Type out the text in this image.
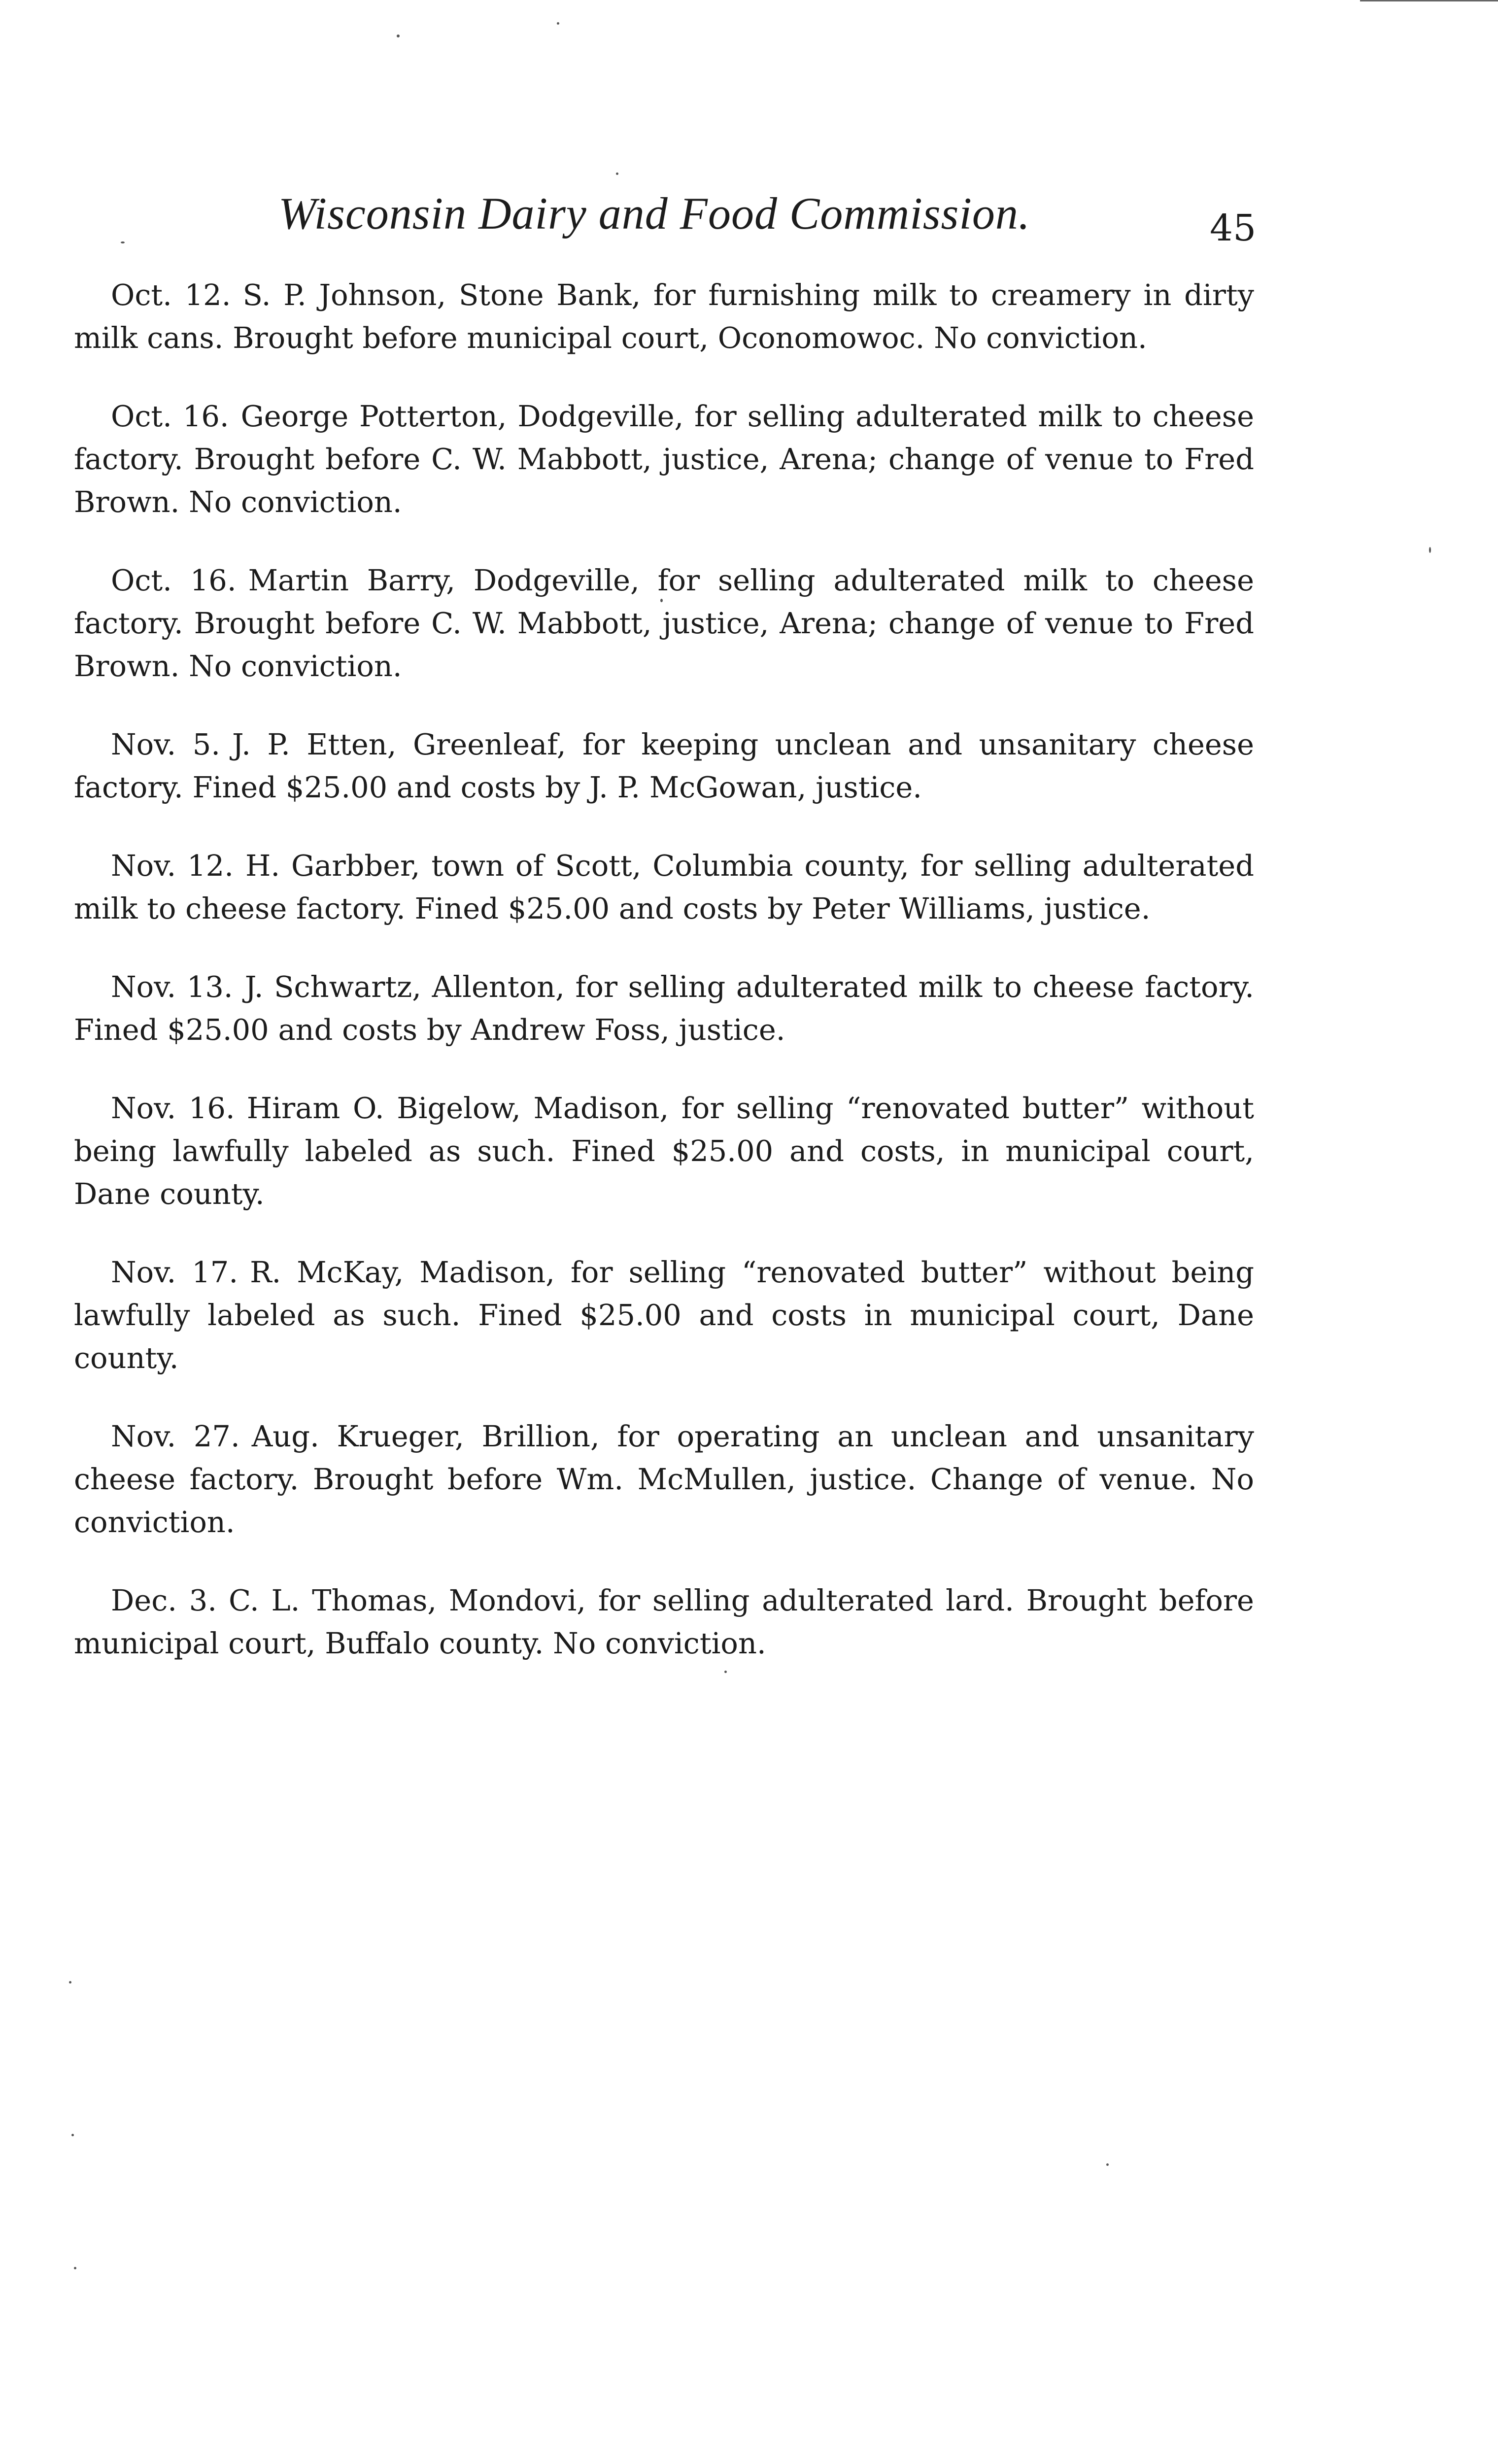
Wisconsin Dairy and Food Commission.	45

Oct. 12. S. P. Johnson, Stone Bank, for furnishing milk to creamery in dirty milk cans. Brought before municipal court, Oconomowoc. No conviction.

Oct. 16. George Potterton, Dodgeville, for selling adulterated milk to cheese factory. Brought before C. W. Mabbott, justice, Arena; change of venue to Fred Brown. No conviction.

Oct. 16. Martin Barry, Dodgeville, for selling adulterated milk to cheese factory. Brought before C. W. Mabbott, justice, Arena; change of venue to Fred Brown. No conviction.

Nov. 5. J. P. Etten, Greenleaf, for keeping unclean and unsanitary cheese factory. Fined $25.00 and costs by J. P. McGowan, justice.

Nov. 12. H. Garbber, town of Scott, Columbia county, for selling adulterated milk to cheese factory. Fined $25.00 and costs by Peter Williams, justice.

Nov. 13. J. Schwartz, Allenton, for selling adulterated milk to cheese factory. Fined $25.00 and costs by Andrew Foss, justice.

Nov. 16. Hiram O. Bigelow, Madison, for selling “renovated butter” without being lawfully labeled as such. Fined $25.00 and costs, in municipal court, Dane county.

Nov. 17. R. McKay, Madison, for selling “renovated butter” without being lawfully labeled as such. Fined $25.00 and costs in municipal court, Dane county.

Nov. 27. Aug. Krueger, Brillion, for operating an unclean and unsanitary cheese factory. Brought before Wm. McMullen, justice. Change of venue. No conviction.

Dec. 3. C. L. Thomas, Mondovi, for selling adulterated lard. Brought before municipal court, Buffalo county. No conviction.
